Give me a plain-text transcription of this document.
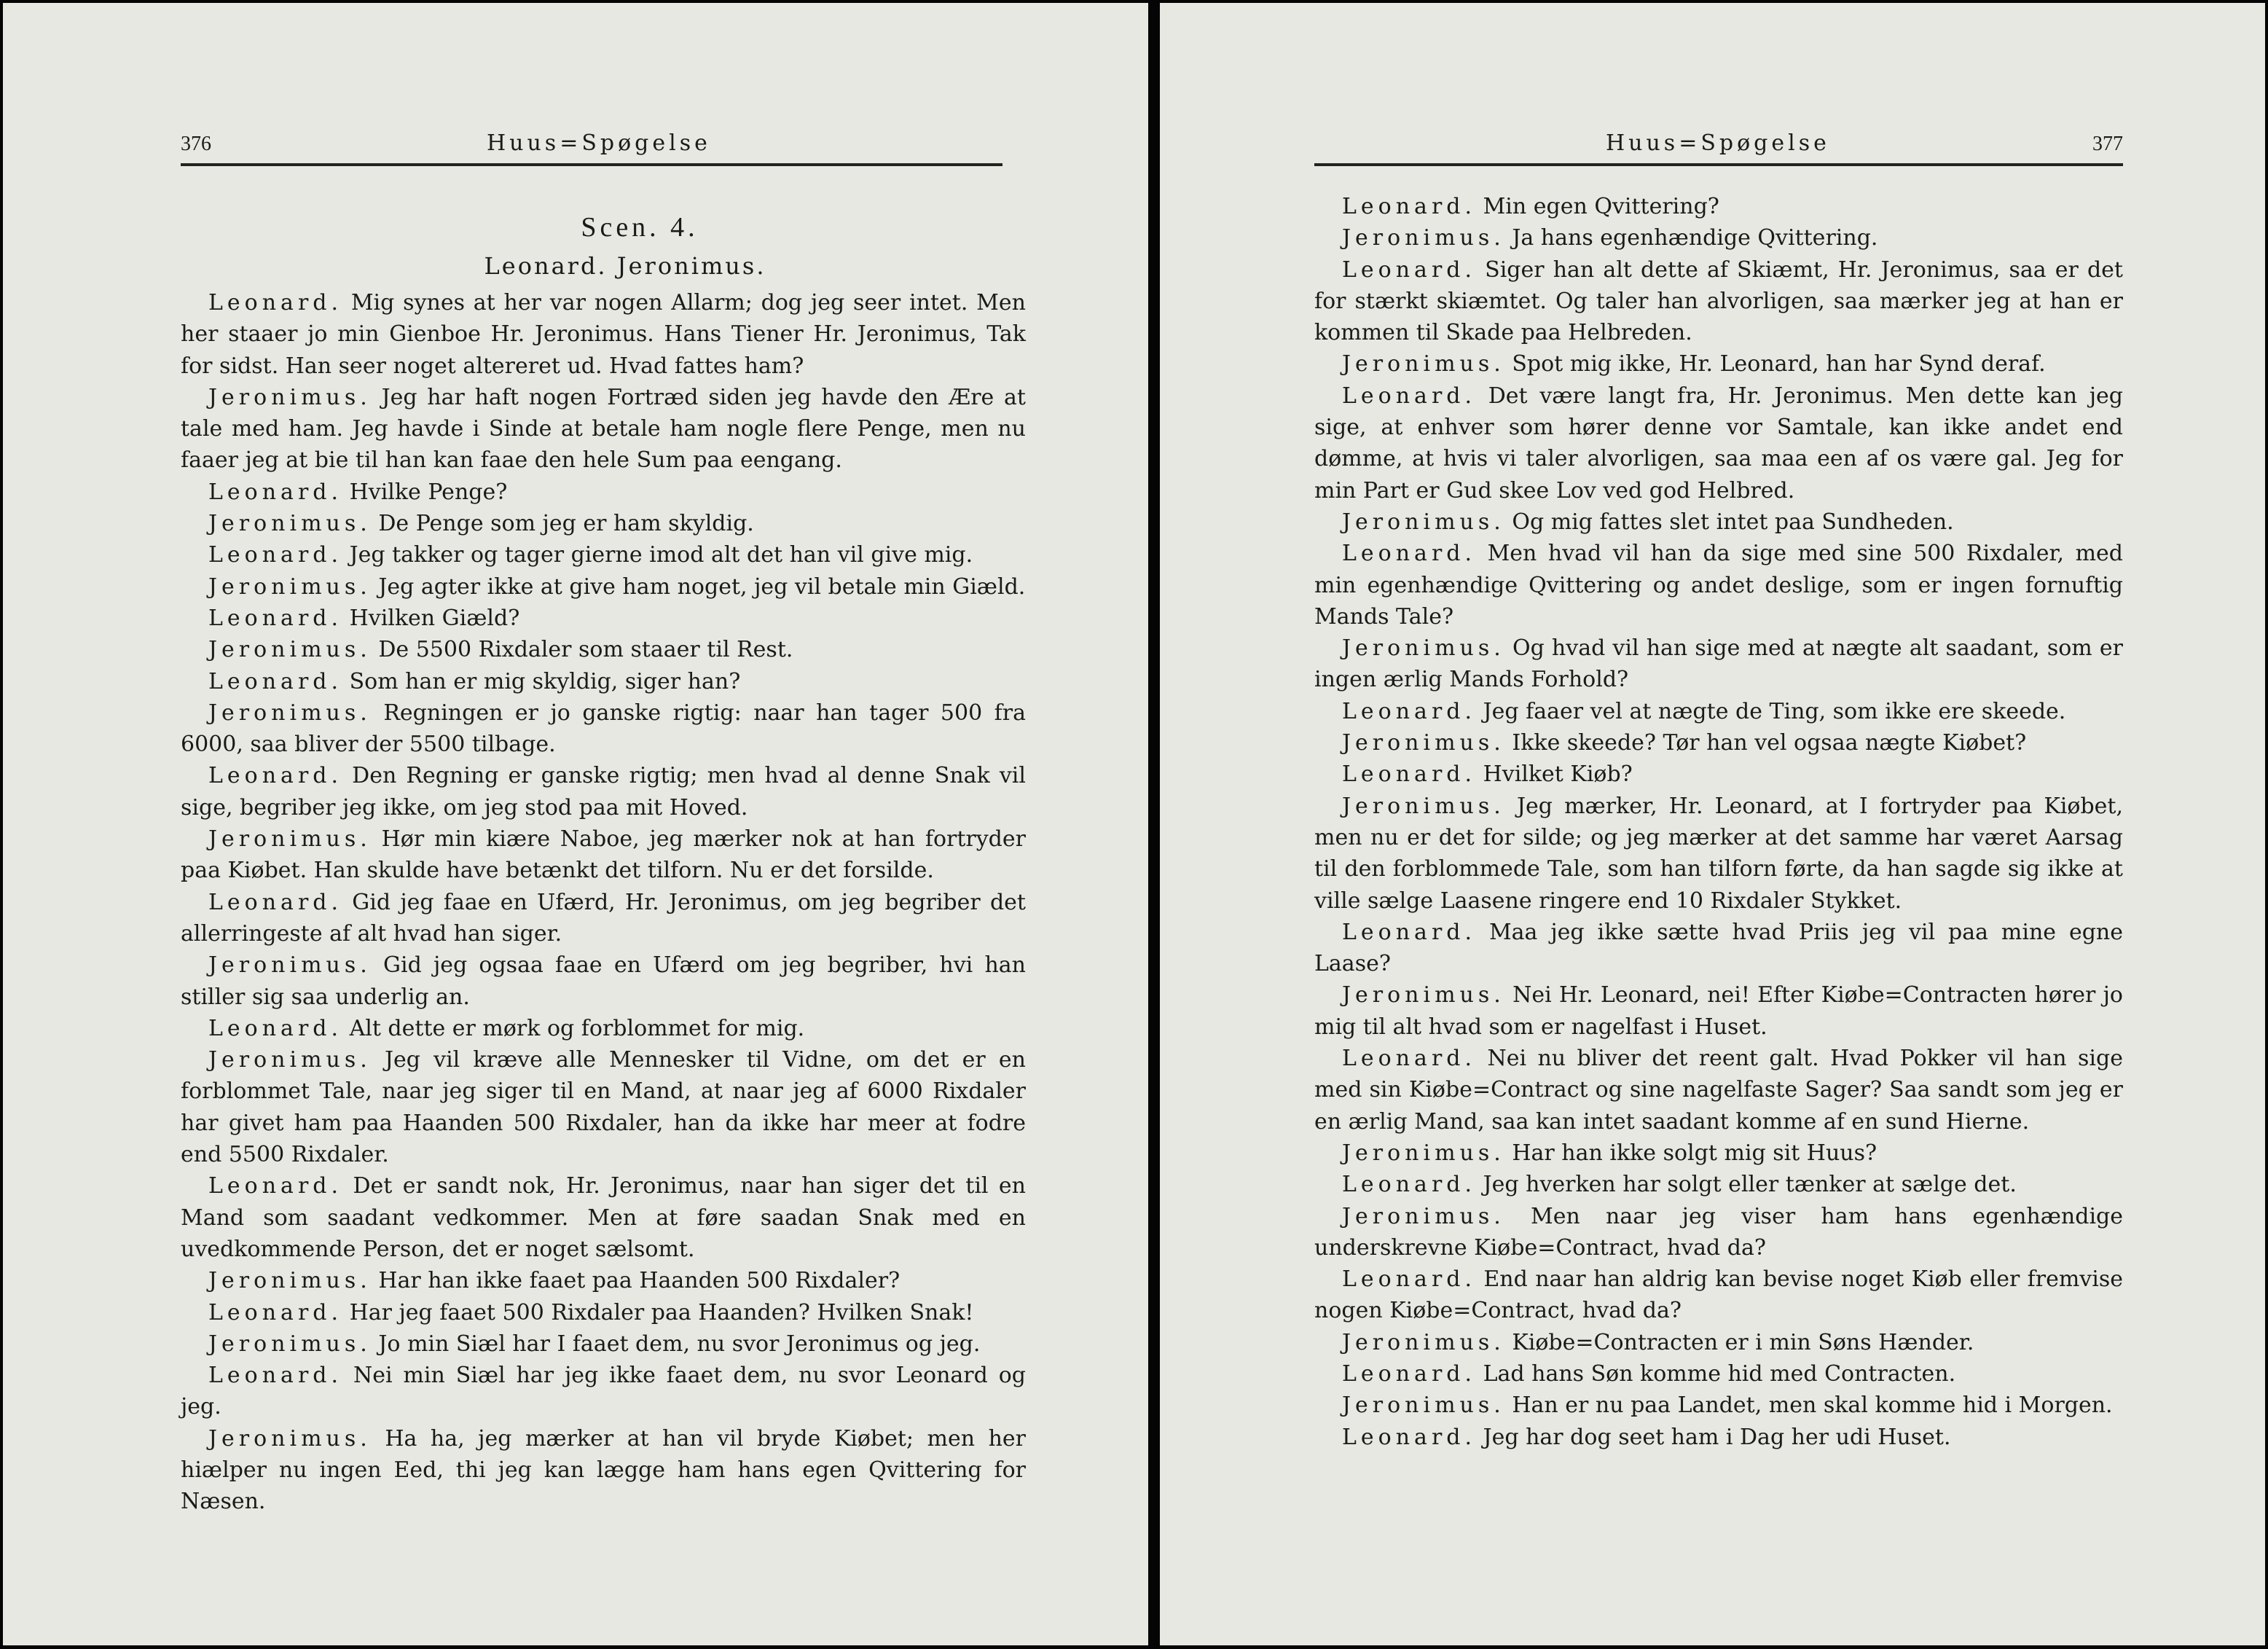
376	Huus=Spøgelse
Scen. 4.
Leonard. Jeronimus.

Leonard. Mig synes at her var nogen Allarm; dog jeg seer intet. Men her staaer jo min Gienboe Hr. Jeronimus. Hans Tiener Hr. Jeronimus, Tak for sidst. Han seer noget altereret ud. Hvad fattes ham?

Jeronimus. Jeg har haft nogen Fortræd siden jeg havde den Ære at tale med ham. Jeg havde i Sinde at betale ham nogle flere Penge, men nu faaer jeg at bie til han kan faae den hele Sum paa eengang.

Leonard. Hvilke Penge?

Jeronimus. De Penge som jeg er ham skyldig.

Leonard. Jeg takker og tager gierne imod alt det han vil give mig.

Jeronimus. Jeg agter ikke at give ham noget, jeg vil betale min Giæld.

Leonard. Hvilken Giæld?

Jeronimus. De 5500 Rixdaler som staaer til Rest.

Leonard. Som han er mig skyldig, siger han?

Jeronimus. Regningen er jo ganske rigtig: naar han tager 500 fra 6000, saa bliver der 5500 tilbage.

Leonard. Den Regning er ganske rigtig; men hvad al denne Snak vil sige, begriber jeg ikke, om jeg stod paa mit Hoved.

Jeronimus. Hør min kiære Naboe, jeg mærker nok at han fortryder paa Kiøbet. Han skulde have betænkt det tilforn. Nu er det forsilde.

Leonard. Gid jeg faae en Ufærd, Hr. Jeronimus, om jeg begriber det allerringeste af alt hvad han siger.

Jeronimus. Gid jeg ogsaa faae en Ufærd om jeg begriber, hvi han stiller sig saa underlig an.

Leonard. Alt dette er mørk og forblommet for mig.

Jeronimus. Jeg vil kræve alle Mennesker til Vidne, om det er en forblommet Tale, naar jeg siger til en Mand, at naar jeg af 6000 Rixdaler har givet ham paa Haanden 500 Rixdaler, han da ikke har meer at fodre end 5500 Rixdaler.

Leonard. Det er sandt nok, Hr. Jeronimus, naar han siger det til en Mand som saadant vedkommer. Men at føre saadan Snak med en uvedkommende Person, det er noget sælsomt.

Jeronimus. Har han ikke faaet paa Haanden 500 Rixdaler?

Leonard. Har jeg faaet 500 Rixdaler paa Haanden? Hvilken Snak!

Jeronimus. Jo min Siæl har I faaet dem, nu svor Jeronimus og jeg.

Leonard. Nei min Siæl har jeg ikke faaet dem, nu svor Leonard og jeg.

Jeronimus. Ha ha, jeg mærker at han vil bryde Kiøbet; men her hiælper nu ingen Eed, thi jeg kan lægge ham hans egen Qvittering for Næsen.

Huus=Spøgelse	377

Leonard. Min egen Qvittering?

Jeronimus. Ja hans egenhændige Qvittering.

Leonard. Siger han alt dette af Skiæmt, Hr. Jeronimus, saa er det for stærkt skiæmtet. Og taler han alvorligen, saa mærker jeg at han er kommen til Skade paa Helbreden.

Jeronimus. Spot mig ikke, Hr. Leonard, han har Synd deraf.

Leonard. Det være langt fra, Hr. Jeronimus. Men dette kan jeg sige, at enhver som hører denne vor Samtale, kan ikke andet end dømme, at hvis vi taler alvorligen, saa maa een af os være gal. Jeg for min Part er Gud skee Lov ved god Helbred.

Jeronimus. Og mig fattes slet intet paa Sundheden.

Leonard. Men hvad vil han da sige med sine 500 Rixdaler, med min egenhændige Qvittering og andet deslige, som er ingen fornuftig Mands Tale?

Jeronimus. Og hvad vil han sige med at nægte alt saadant, som er ingen ærlig Mands Forhold?

Leonard. Jeg faaer vel at nægte de Ting, som ikke ere skeede.

Jeronimus. Ikke skeede? Tør han vel ogsaa nægte Kiøbet?

Leonard. Hvilket Kiøb?

Jeronimus. Jeg mærker, Hr. Leonard, at I fortryder paa Kiøbet, men nu er det for silde; og jeg mærker at det samme har været Aarsag til den forblommede Tale, som han tilforn førte, da han sagde sig ikke at ville sælge Laasene ringere end 10 Rixdaler Stykket.

Leonard. Maa jeg ikke sætte hvad Priis jeg vil paa mine egne Laase?

Jeronimus. Nei Hr. Leonard, nei! Efter Kiøbe=Contracten hører jo mig til alt hvad som er nagelfast i Huset.

Leonard. Nei nu bliver det reent galt. Hvad Pokker vil han sige med sin Kiøbe=Contract og sine nagelfaste Sager? Saa sandt som jeg er en ærlig Mand, saa kan intet saadant komme af en sund Hierne.

Jeronimus. Har han ikke solgt mig sit Huus?

Leonard. Jeg hverken har solgt eller tænker at sælge det.

Jeronimus. Men naar jeg viser ham hans egenhændige underskrevne Kiøbe=Contract, hvad da?

Leonard. End naar han aldrig kan bevise noget Kiøb eller fremvise nogen Kiøbe=Contract, hvad da?

Jeronimus. Kiøbe=Contracten er i min Søns Hænder.

Leonard. Lad hans Søn komme hid med Contracten.

Jeronimus. Han er nu paa Landet, men skal komme hid i Morgen.

Leonard. Jeg har dog seet ham i Dag her udi Huset.
